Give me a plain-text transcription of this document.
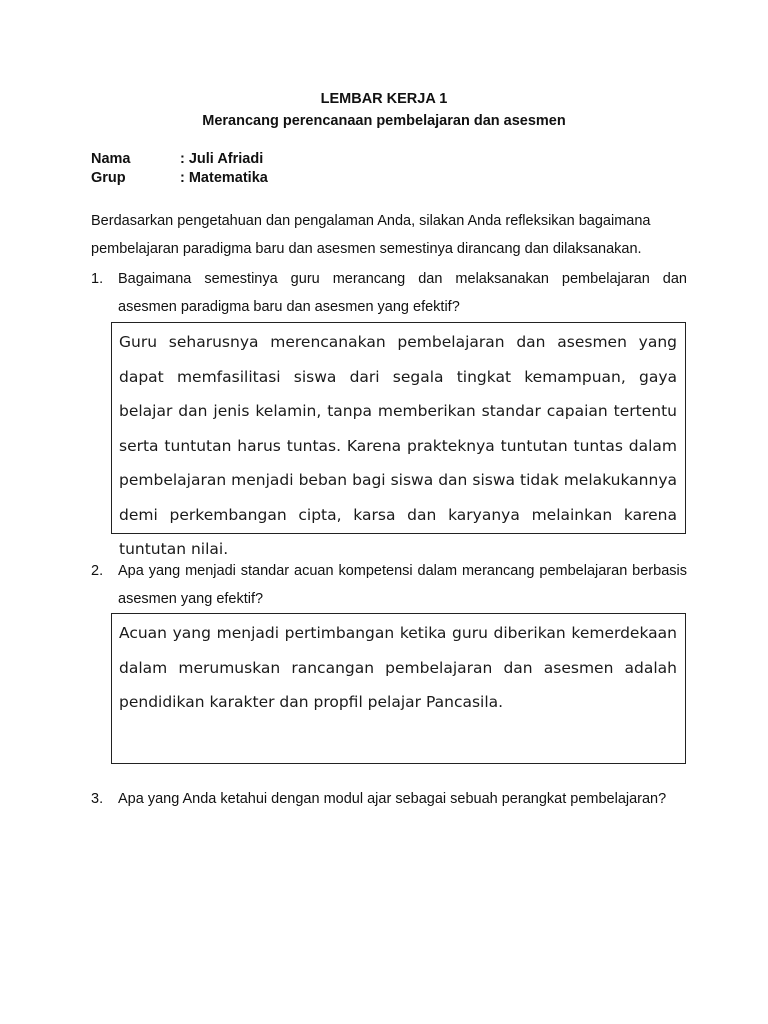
LEMBAR KERJA 1
Merancang perencanaan pembelajaran dan asesmen
Nama	: Juli Afriadi
Grup	: Matematika

Berdasarkan pengetahuan dan pengalaman Anda, silakan Anda refleksikan bagaimana pembelajaran paradigma baru dan asesmen semestinya dirancang dan dilaksanakan.

1. Bagaimana semestinya guru merancang dan melaksanakan pembelajaran dan asesmen paradigma baru dan asesmen yang efektif?
Guru seharusnya merencanakan pembelajaran dan asesmen yang dapat memfasilitasi siswa dari segala tingkat kemampuan, gaya belajar dan jenis kelamin, tanpa memberikan standar capaian tertentu serta tuntutan harus tuntas. Karena prakteknya tuntutan tuntas dalam pembelajaran menjadi beban bagi siswa dan siswa tidak melakukannya demi perkembangan cipta, karsa dan karyanya melainkan karena tuntutan nilai.
2. Apa yang menjadi standar acuan kompetensi dalam merancang pembelajaran berbasis asesmen yang efektif?
Acuan yang menjadi pertimbangan ketika guru diberikan kemerdekaan dalam merumuskan rancangan pembelajaran dan asesmen adalah pendidikan karakter dan propfil pelajar Pancasila.
3. Apa yang Anda ketahui dengan modul ajar sebagai sebuah perangkat pembelajaran?
